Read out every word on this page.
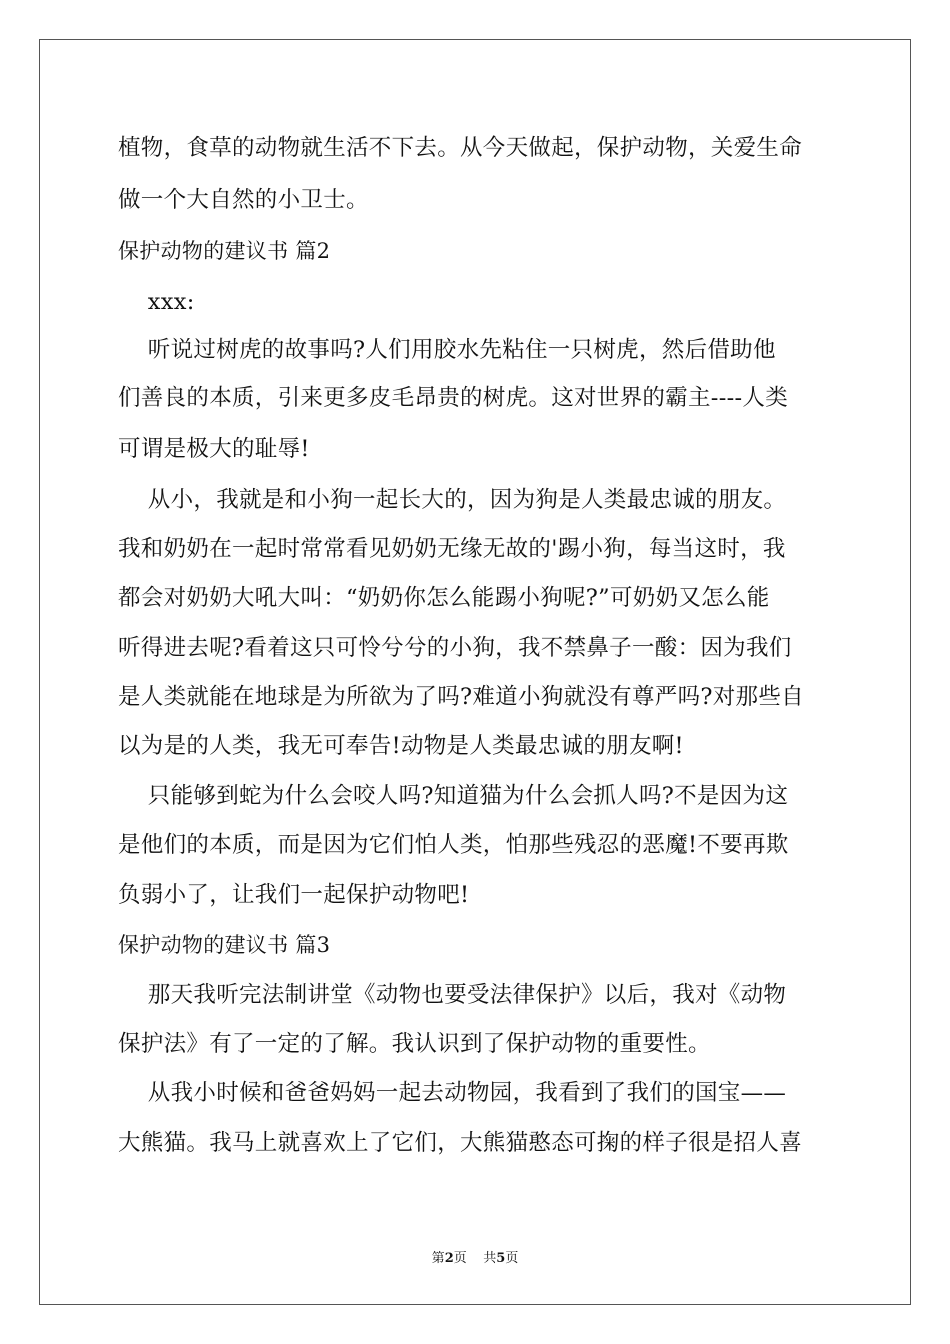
植物，食草的动物就生活不下去。从今天做起，保护动物，关爱生命
做一个大自然的小卫士。
保护动物的建议书 篇2
xxx:
听说过树虎的故事吗?人们用胶水先粘住一只树虎，然后借助他
们善良的本质，引来更多皮毛昂贵的树虎。这对世界的霸主----人类
可谓是极大的耻辱!
从小，我就是和小狗一起长大的，因为狗是人类最忠诚的朋友。
我和奶奶在一起时常常看见奶奶无缘无故的'踢小狗，每当这时，我
都会对奶奶大吼大叫：“奶奶你怎么能踢小狗呢?”可奶奶又怎么能
听得进去呢?看着这只可怜兮兮的小狗，我不禁鼻子一酸：因为我们
是人类就能在地球是为所欲为了吗?难道小狗就没有尊严吗?对那些自
以为是的人类，我无可奉告!动物是人类最忠诚的朋友啊!
只能够到蛇为什么会咬人吗?知道猫为什么会抓人吗?不是因为这
是他们的本质，而是因为它们怕人类，怕那些残忍的恶魔!不要再欺
负弱小了，让我们一起保护动物吧!
保护动物的建议书 篇3
那天我听完法制讲堂《动物也要受法律保护》以后，我对《动物
保护法》有了一定的了解。我认识到了保护动物的重要性。
从我小时候和爸爸妈妈一起去动物园，我看到了我们的国宝——
大熊猫。我马上就喜欢上了它们，大熊猫憨态可掬的样子很是招人喜
第2页    共5页
